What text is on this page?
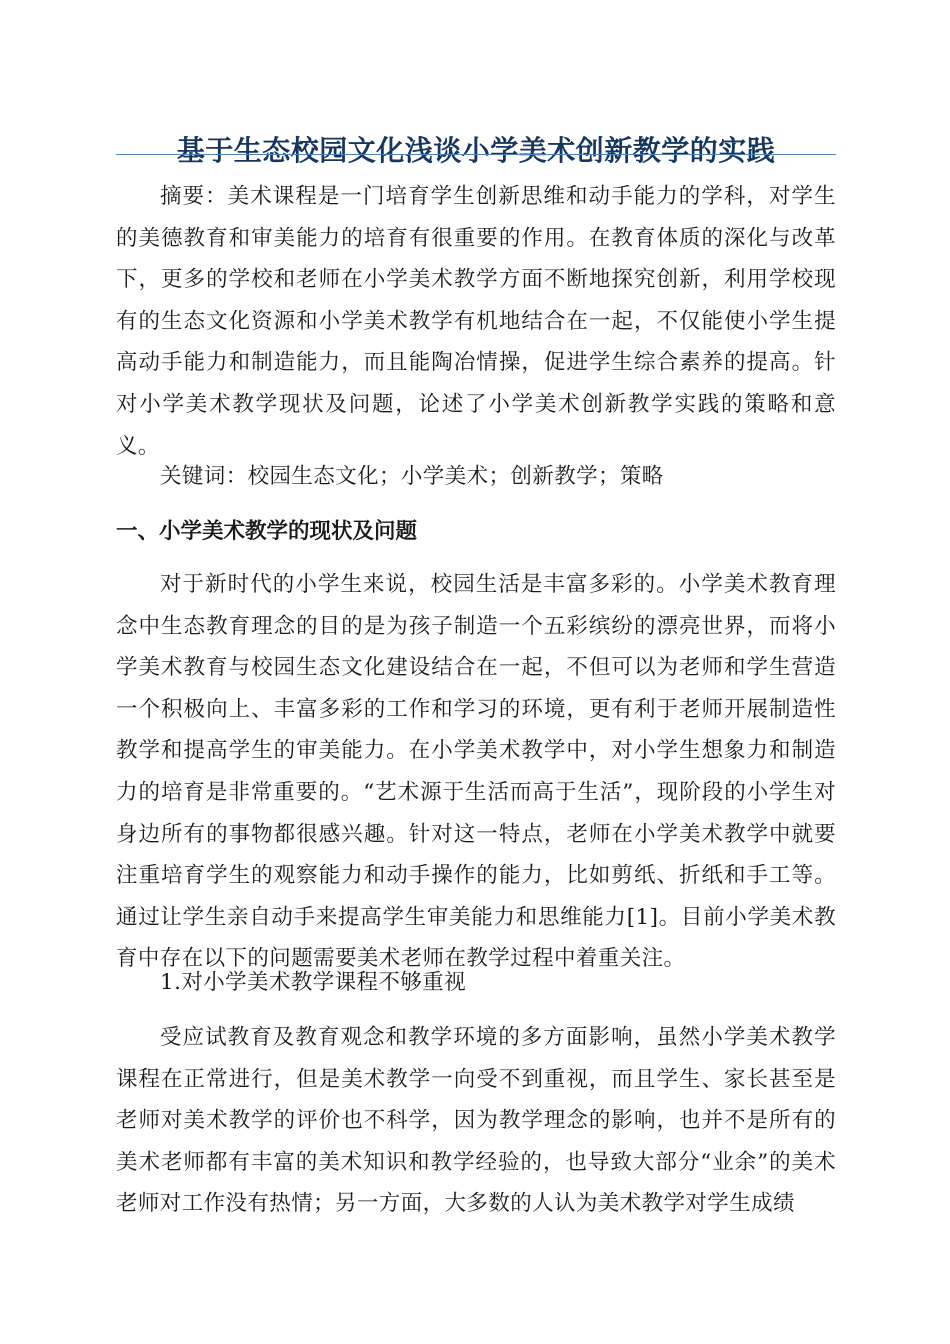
基于生态校园文化浅谈小学美术创新教学的实践

摘要：美术课程是一门培育学生创新思维和动手能力的学科，对学生的美德教育和审美能力的培育有很重要的作用。在教育体质的深化与改革下，更多的学校和老师在小学美术教学方面不断地探究创新，利用学校现有的生态文化资源和小学美术教学有机地结合在一起，不仅能使小学生提高动手能力和制造能力，而且能陶冶情操，促进学生综合素养的提高。针对小学美术教学现状及问题，论述了小学美术创新教学实践的策略和意义。

关键词：校园生态文化；小学美术；创新教学；策略

一、小学美术教学的现状及问题

对于新时代的小学生来说，校园生活是丰富多彩的。小学美术教育理念中生态教育理念的目的是为孩子制造一个五彩缤纷的漂亮世界，而将小学美术教育与校园生态文化建设结合在一起，不但可以为老师和学生营造一个积极向上、丰富多彩的工作和学习的环境，更有利于老师开展制造性教学和提高学生的审美能力。在小学美术教学中，对小学生想象力和制造力的培育是非常重要的。“艺术源于生活而高于生活”，现阶段的小学生对身边所有的事物都很感兴趣。针对这一特点，老师在小学美术教学中就要注重培育学生的观察能力和动手操作的能力，比如剪纸、折纸和手工等。通过让学生亲自动手来提高学生审美能力和思维能力[1]。目前小学美术教育中存在以下的问题需要美术老师在教学过程中着重关注。

1.对小学美术教学课程不够重视

受应试教育及教育观念和教学环境的多方面影响，虽然小学美术教学课程在正常进行，但是美术教学一向受不到重视，而且学生、家长甚至是老师对美术教学的评价也不科学，因为教学理念的影响，也并不是所有的美术老师都有丰富的美术知识和教学经验的，也导致大部分“业余”的美术老师对工作没有热情；另一方面，大多数的人认为美术教学对学生成绩
